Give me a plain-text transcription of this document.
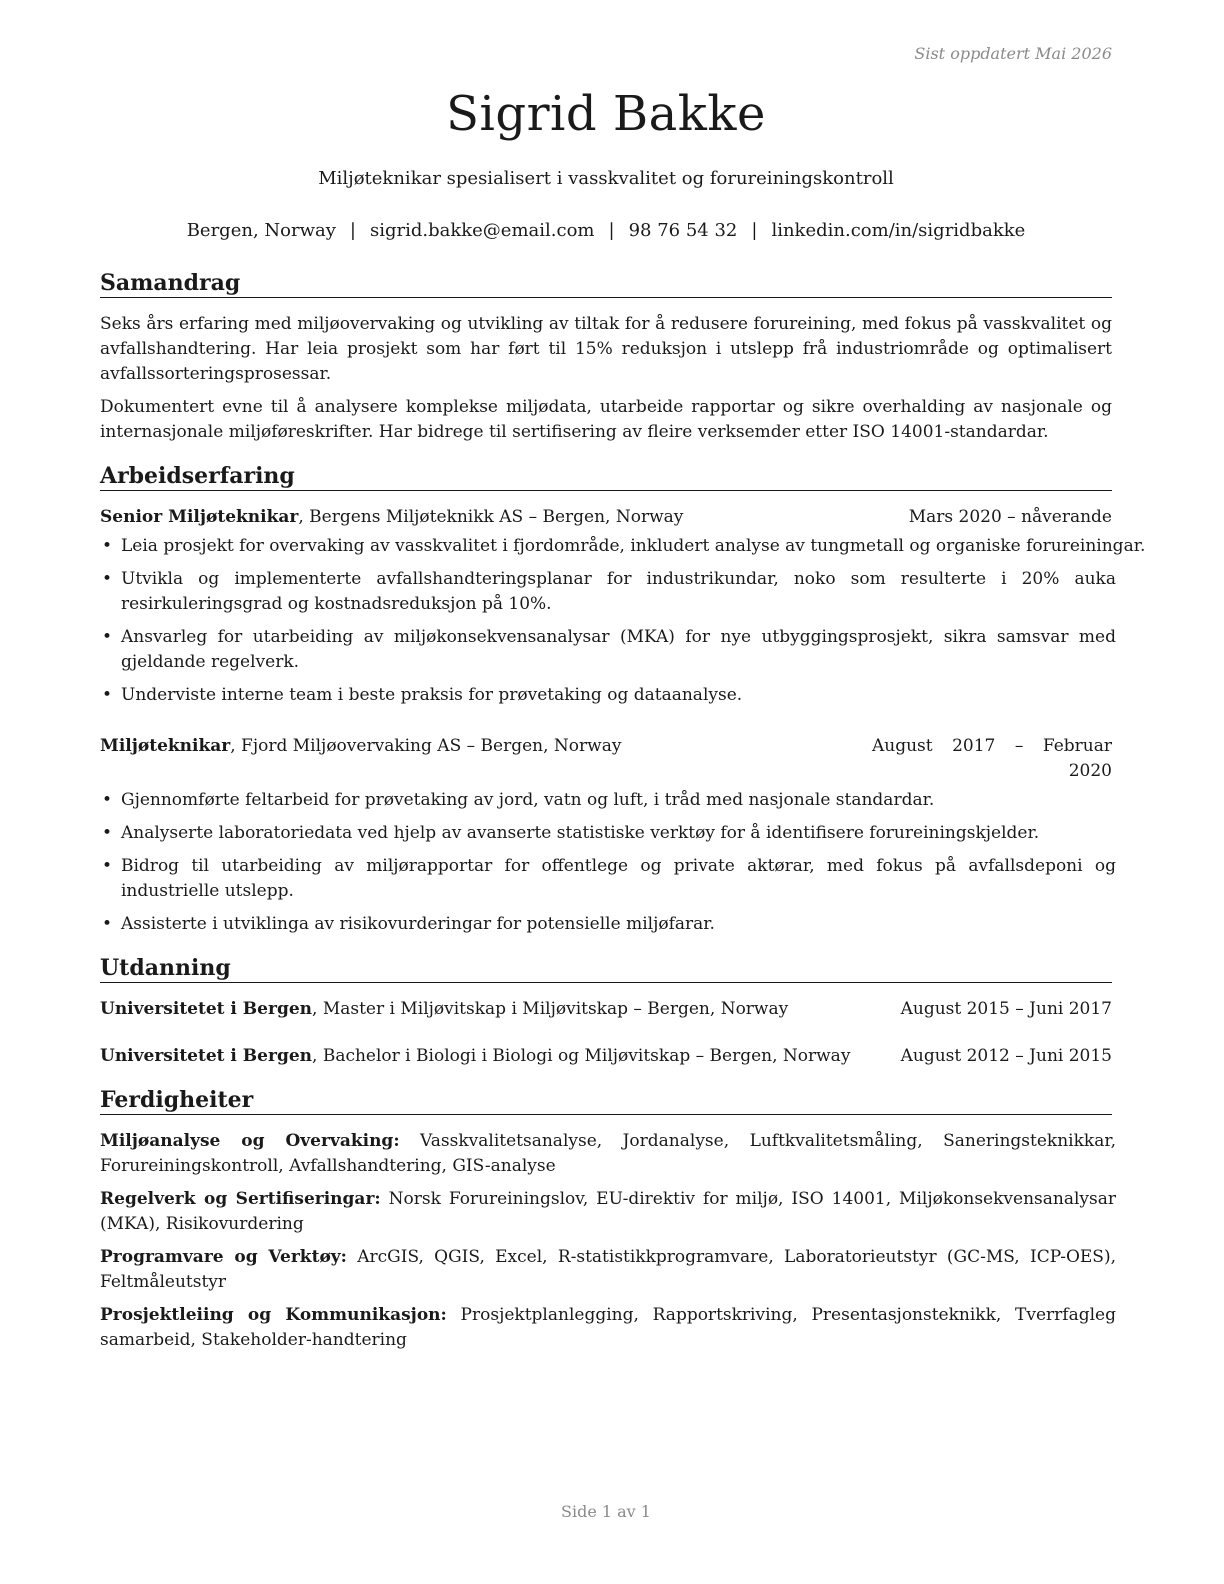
Sist oppdatert Mai 2026
Sigrid Bakke
Miljøteknikar spesialisert i vasskvalitet og forureiningskontroll
Bergen, Norway | sigrid.bakke@email.com | 98 76 54 32 | linkedin.com/in/sigridbakke
Samandrag

Seks års erfaring med miljøovervaking og utvikling av tiltak for å redusere forureining, med fokus på vasskvalitet og avfallshandtering. Har leia prosjekt som har ført til 15% reduksjon i utslepp frå industriområde og optimalisert avfallssorteringsprosessar.

Dokumentert evne til å analysere komplekse miljødata, utarbeide rapportar og sikre overhalding av nasjonale og internasjonale miljøføreskrifter. Har bidrege til sertifisering av fleire verksemder etter ISO 14001-standardar.

Arbeidserfaring
Senior Miljøteknikar, Bergens Miljøteknikk AS – Bergen, Norway	Mars 2020 – nåverande
• Leia prosjekt for overvaking av vasskvalitet i fjordområde, inkludert analyse av tungmetall og organiske forureiningar.
• Utvikla og implementerte avfallshandteringsplanar for industrikundar, noko som resulterte i 20% auka resirkuleringsgrad og kostnadsreduksjon på 10%.
• Ansvarleg for utarbeiding av miljøkonsekvensanalysar (MKA) for nye utbyggingsprosjekt, sikra samsvar med gjeldande regelverk.
• Underviste interne team i beste praksis for prøvetaking og dataanalyse.
Miljøteknikar, Fjord Miljøovervaking AS – Bergen, Norway	August 2017 – Februar 2020
• Gjennomførte feltarbeid for prøvetaking av jord, vatn og luft, i tråd med nasjonale standardar.
• Analyserte laboratoriedata ved hjelp av avanserte statistiske verktøy for å identifisere forureiningskjelder.
• Bidrog til utarbeiding av miljørapportar for offentlege og private aktørar, med fokus på avfallsdeponi og industrielle utslepp.
• Assisterte i utviklinga av risikovurderingar for potensielle miljøfarar.
Utdanning
Universitetet i Bergen, Master i Miljøvitskap i Miljøvitskap – Bergen, Norway	August 2015 – Juni 2017
Universitetet i Bergen, Bachelor i Biologi i Biologi og Miljøvitskap – Bergen, Norway	August 2012 – Juni 2015
Ferdigheiter

Miljøanalyse og Overvaking: Vasskvalitetsanalyse, Jordanalyse, Luftkvalitetsmåling, Saneringsteknikkar, Forureiningskontroll, Avfallshandtering, GIS-analyse

Regelverk og Sertifiseringar: Norsk Forureiningslov, EU-direktiv for miljø, ISO 14001, Miljøkonsekvensanalysar (MKA), Risikovurdering

Programvare og Verktøy: ArcGIS, QGIS, Excel, R-statistikkprogramvare, Laboratorieutstyr (GC-MS, ICP-OES), Feltmåleutstyr

Prosjektleiing og Kommunikasjon: Prosjektplanlegging, Rapportskriving, Presentasjonsteknikk, Tverrfagleg samarbeid, Stakeholder-handtering

Side 1 av 1
